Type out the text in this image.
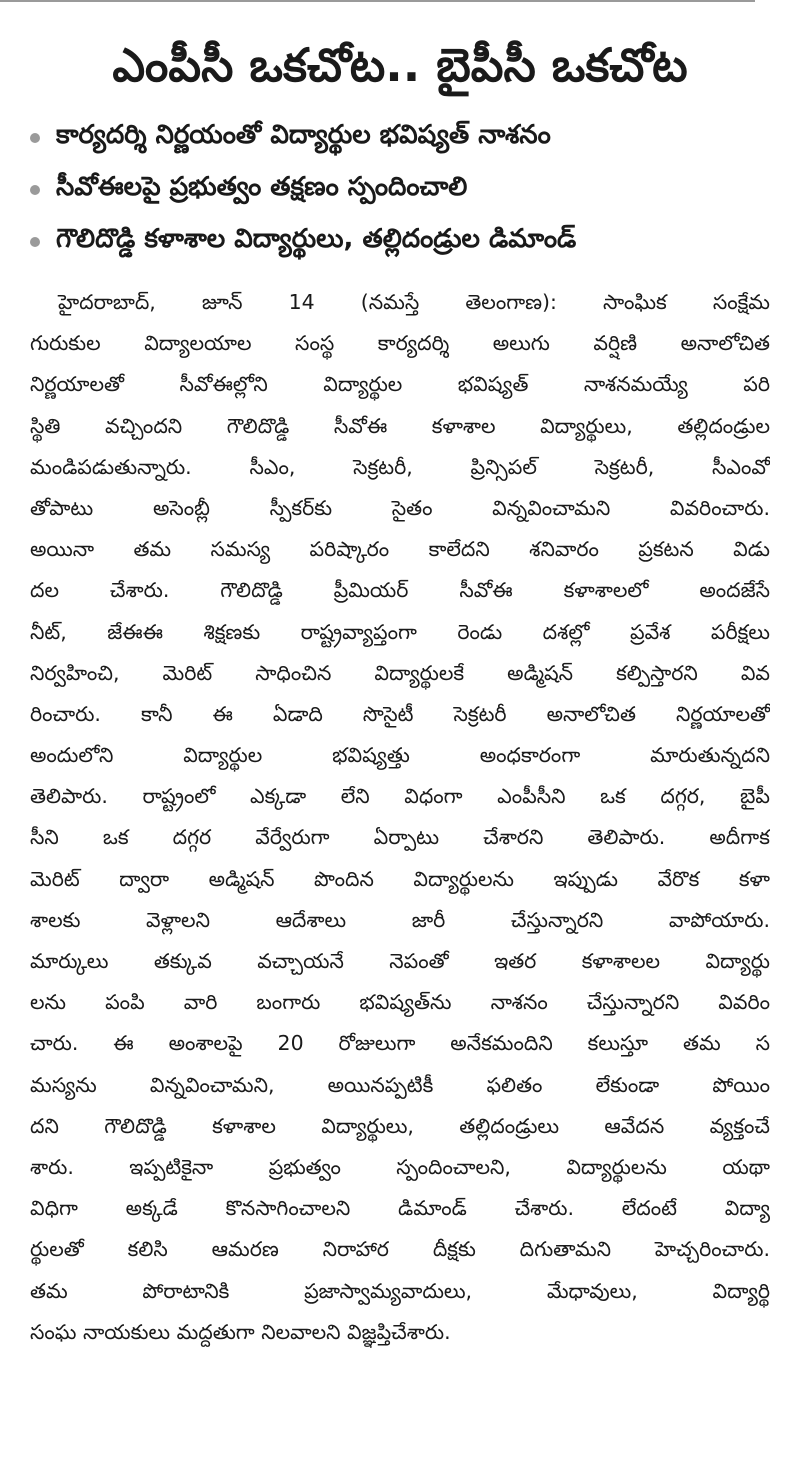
ఎంపీసీ ఒకచోట.. బైపీసీ ఒకచోట
కార్యదర్శి నిర్ణయంతో విద్యార్థుల భవిష్యత్ నాశనం
సీవోఈలపై ప్రభుత్వం తక్షణం స్పందించాలి
గౌలిదొడ్డి కళాశాల విద్యార్థులు, తల్లిదండ్రుల డిమాండ్
హైదరాబాద్, జూన్ 14 (నమస్తే తెలంగాణ): సాంఘిక సంక్షేమ
గురుకుల విద్యాలయాల సంస్థ కార్యదర్శి అలుగు వర్షిణి అనాలోచిత
నిర్ణయాలతో సీవోఈల్లోని విద్యార్థుల భవిష్యత్ నాశనమయ్యే పరి
స్థితి వచ్చిందని గౌలిదొడ్డి సీవోఈ కళాశాల విద్యార్థులు, తల్లిదండ్రుల
మండిపడుతున్నారు. సీఎం, సెక్రటరీ, ప్రిన్సిపల్ సెక్రటరీ, సీఎంవో
తోపాటు అసెంబ్లీ స్పీకర్‌కు సైతం విన్నవించామని వివరించారు.
అయినా తమ సమస్య పరిష్కారం కాలేదని శనివారం ప్రకటన విడు
దల చేశారు. గౌలిదొడ్డి ప్రీమియర్ సీవోఈ కళాశాలలో అందజేసే
నీట్, జేఈఈ శిక్షణకు రాష్ట్రవ్యాప్తంగా రెండు దశల్లో ప్రవేశ పరీక్షలు
నిర్వహించి, మెరిట్ సాధించిన విద్యార్థులకే అడ్మిషన్ కల్పిస్తారని వివ
రించారు. కానీ ఈ ఏడాది సొసైటీ సెక్రటరీ అనాలోచిత నిర్ణయాలతో
అందులోని విద్యార్థుల భవిష్యత్తు అంధకారంగా మారుతున్నదని
తెలిపారు. రాష్ట్రంలో ఎక్కడా లేని విధంగా ఎంపీసీని ఒక దగ్గర, బైపీ
సీని ఒక దగ్గర వేర్వేరుగా ఏర్పాటు చేశారని తెలిపారు. అదీగాక
మెరిట్ ద్వారా అడ్మిషన్ పొందిన విద్యార్థులను ఇప్పుడు వేరొక కళా
శాలకు వెళ్లాలని ఆదేశాలు జారీ చేస్తున్నారని వాపోయారు.
మార్కులు తక్కువ వచ్చాయనే నెపంతో ఇతర కళాశాలల విద్యార్థు
లను పంపి వారి బంగారు భవిష్యత్‌ను నాశనం చేస్తున్నారని వివరిం
చారు. ఈ అంశాలపై 20 రోజులుగా అనేకమందిని కలుస్తూ తమ స
మస్యను విన్నవించామని, అయినప్పటికీ ఫలితం లేకుండా పోయిం
దని గౌలిదొడ్డి కళాశాల విద్యార్థులు, తల్లిదండ్రులు ఆవేదన వ్యక్తంచే
శారు. ఇప్పటికైనా ప్రభుత్వం స్పందించాలని, విద్యార్థులను యథా
విధిగా అక్కడే కొనసాగించాలని డిమాండ్ చేశారు. లేదంటే విద్యా
ర్థులతో కలిసి ఆమరణ నిరాహార దీక్షకు దిగుతామని హెచ్చరించారు.
తమ పోరాటానికి ప్రజాస్వామ్యవాదులు, మేధావులు, విద్యార్థి
సంఘ నాయకులు మద్దతుగా నిలవాలని విజ్ఞప్తిచేశారు.
